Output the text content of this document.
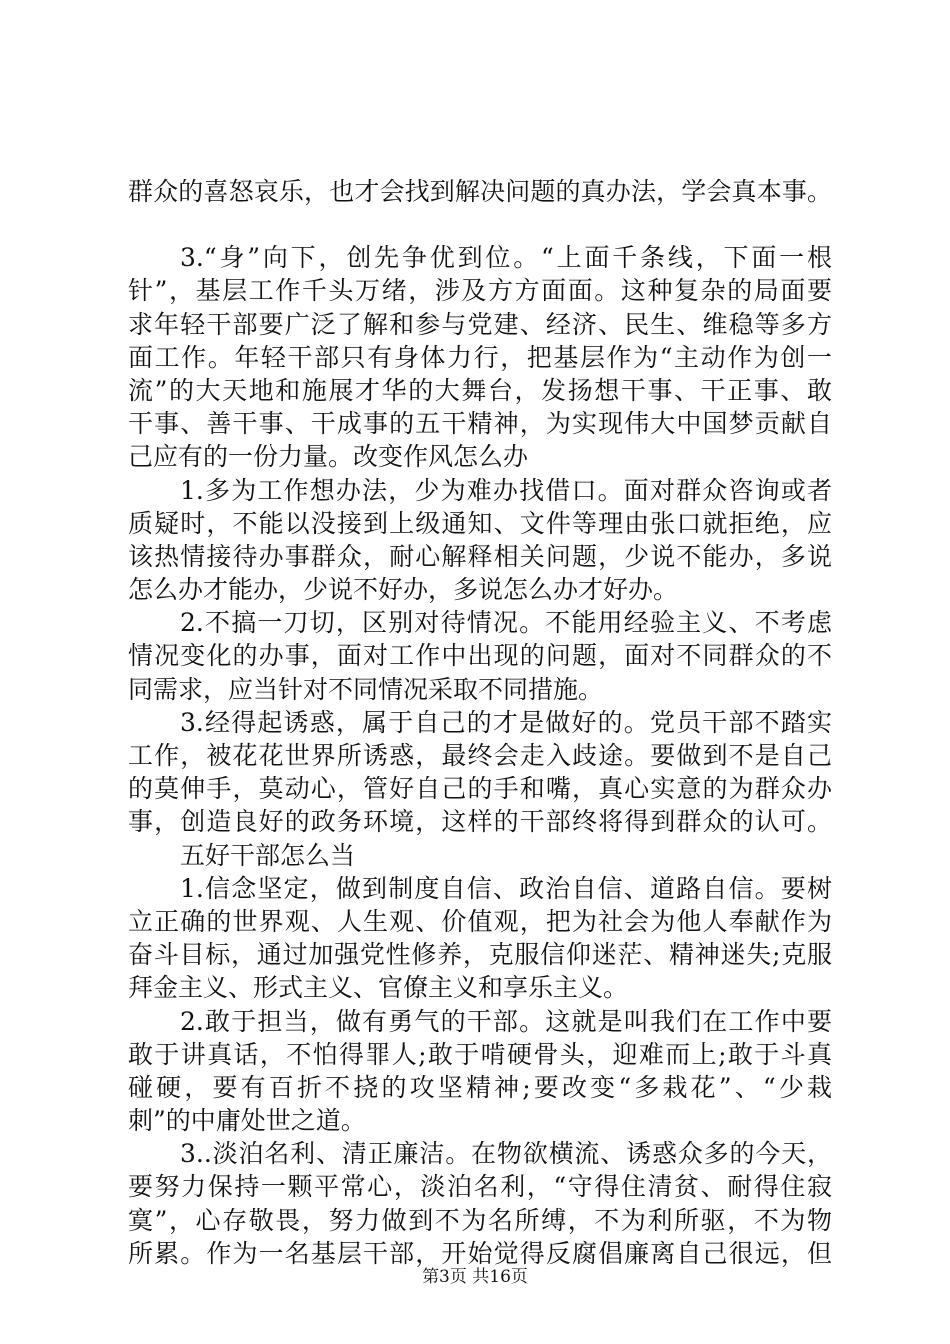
群众的喜怒哀乐，也才会找到解决问题的真办法，学会真本事。
3.“身”向下，创先争优到位。“上面千条线，下面一根
针”，基层工作千头万绪，涉及方方面面。这种复杂的局面要
求年轻干部要广泛了解和参与党建、经济、民生、维稳等多方
面工作。年轻干部只有身体力行，把基层作为“主动作为创一
流”的大天地和施展才华的大舞台，发扬想干事、干正事、敢
干事、善干事、干成事的五干精神，为实现伟大中国梦贡献自
己应有的一份力量。改变作风怎么办
1.多为工作想办法，少为难办找借口。面对群众咨询或者
质疑时，不能以没接到上级通知、文件等理由张口就拒绝，应
该热情接待办事群众，耐心解释相关问题，少说不能办，多说
怎么办才能办，少说不好办，多说怎么办才好办。
2.不搞一刀切，区别对待情况。不能用经验主义、不考虑
情况变化的办事，面对工作中出现的问题，面对不同群众的不
同需求，应当针对不同情况采取不同措施。
3.经得起诱惑，属于自己的才是做好的。党员干部不踏实
工作，被花花世界所诱惑，最终会走入歧途。要做到不是自己
的莫伸手，莫动心，管好自己的手和嘴，真心实意的为群众办
事，创造良好的政务环境，这样的干部终将得到群众的认可。
五好干部怎么当
1.信念坚定，做到制度自信、政治自信、道路自信。要树
立正确的世界观、人生观、价值观，把为社会为他人奉献作为
奋斗目标，通过加强党性修养，克服信仰迷茫、精神迷失;克服
拜金主义、形式主义、官僚主义和享乐主义。
2.敢于担当，做有勇气的干部。这就是叫我们在工作中要
敢于讲真话，不怕得罪人;敢于啃硬骨头，迎难而上;敢于斗真
碰硬，要有百折不挠的攻坚精神;要改变“多栽花”、“少栽
刺”的中庸处世之道。
3..淡泊名利、清正廉洁。在物欲横流、诱惑众多的今天，
要努力保持一颗平常心，淡泊名利，“守得住清贫、耐得住寂
寞”，心存敬畏，努力做到不为名所缚，不为利所驱，不为物
所累。作为一名基层干部，开始觉得反腐倡廉离自己很远，但
第3页 共16页
